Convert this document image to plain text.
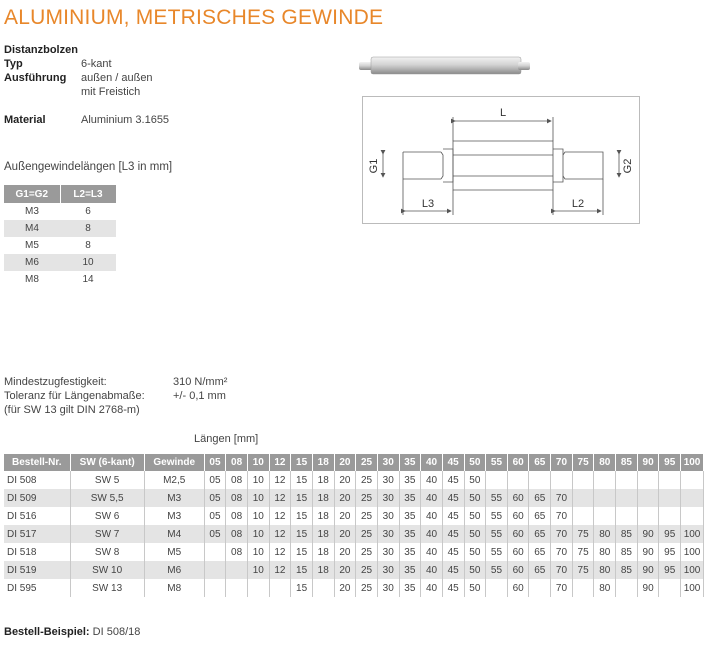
ALUMINIUM, METRISCHES GEWINDE
Distanzbolzen
Typ	6-kant
Ausführung außen / außen
mit Freistich
Material	Aluminium 3.1655
Außengewindelängen [L3 in mm]
G1=G2	L2=L3
M3	6
M4	8
M5	8
M6	10
M8	14
L
L3	L2
G1	G2
Mindestzugfestigkeit:	310 N/mm²
Toleranz für Längenabmaße:	+/- 0,1 mm
(für SW 13 gilt DIN 2768-m)
Längen [mm]
Bestell-Nr.	SW (6-kant)	Gewinde	05	08	10	12	15	18	20	25	30	35	40	45	50	55	60	65	70	75	80	85	90	95	100
DI 508	SW 5	M2,5	05	08	10	12	15	18	20	25	30	35	40	45	50										
DI 509	SW 5,5	M3	05	08	10	12	15	18	20	25	30	35	40	45	50	55	60	65	70						
DI 516	SW 6	M3	05	08	10	12	15	18	20	25	30	35	40	45	50	55	60	65	70						
DI 517	SW 7	M4	05	08	10	12	15	18	20	25	30	35	40	45	50	55	60	65	70	75	80	85	90	95	100
DI 518	SW 8	M5		08	10	12	15	18	20	25	30	35	40	45	50	55	60	65	70	75	80	85	90	95	100
DI 519	SW 10	M6			10	12	15	18	20	25	30	35	40	45	50	55	60	65	70	75	80	85	90	95	100
DI 595	SW 13	M8					15		20	25	30	35	40	45	50		60		70		80		90		100
Bestell-Beispiel: DI 508/18
